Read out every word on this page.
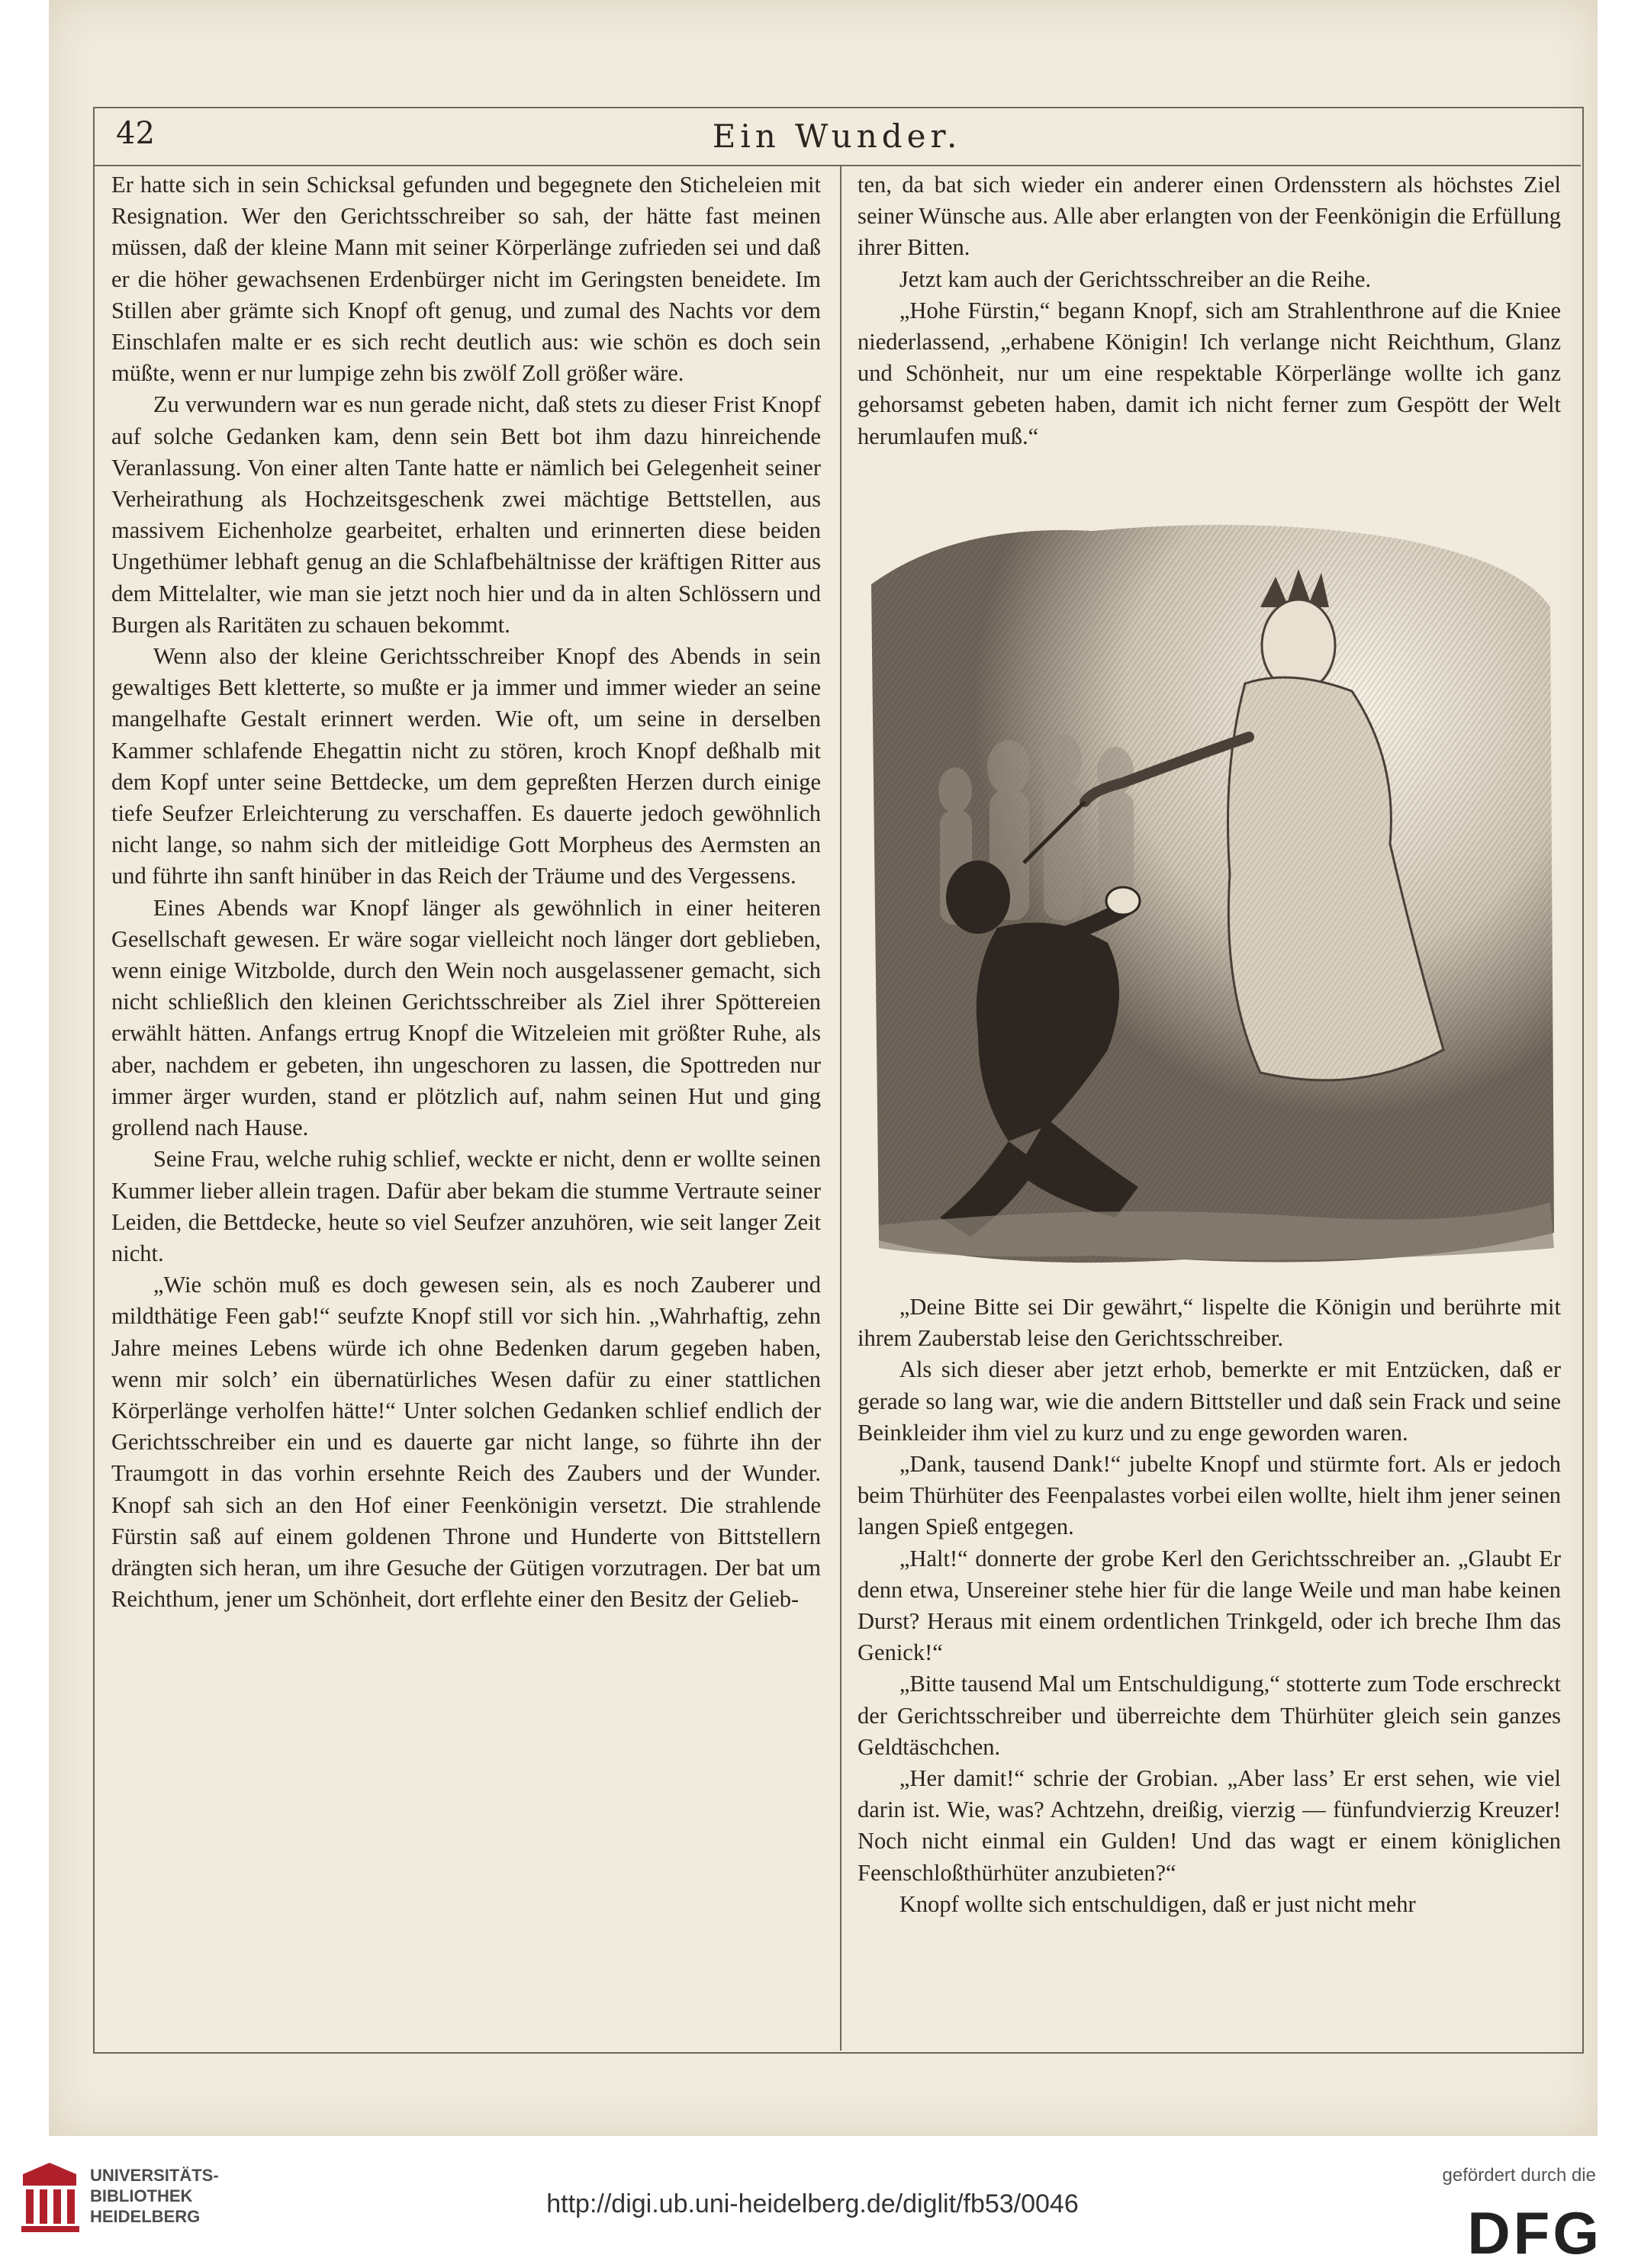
42	Ein Wunder.

Er hatte sich in sein Schicksal gefunden und begegnete den Sticheleien mit Resignation. Wer den Gerichtsschreiber so sah, der hätte fast meinen müssen, daß der kleine Mann mit seiner Körperlänge zufrieden sei und daß er die höher gewachsenen Erdenbürger nicht im Geringsten beneidete. Im Stillen aber grämte sich Knopf oft genug, und zumal des Nachts vor dem Einschlafen malte er es sich recht deutlich aus: wie schön es doch sein müßte, wenn er nur lumpige zehn bis zwölf Zoll größer wäre.

Zu verwundern war es nun gerade nicht, daß stets zu dieser Frist Knopf auf solche Gedanken kam, denn sein Bett bot ihm dazu hinreichende Veranlassung. Von einer alten Tante hatte er nämlich bei Gelegenheit seiner Verheirathung als Hochzeitsgeschenk zwei mächtige Bettstellen, aus massivem Eichenholze gearbeitet, erhalten und erinnerten diese beiden Ungethümer lebhaft genug an die Schlafbehältnisse der kräftigen Ritter aus dem Mittelalter, wie man sie jetzt noch hier und da in alten Schlössern und Burgen als Raritäten zu schauen bekommt.

Wenn also der kleine Gerichtsschreiber Knopf des Abends in sein gewaltiges Bett kletterte, so mußte er ja immer und immer wieder an seine mangelhafte Gestalt erinnert werden. Wie oft, um seine in derselben Kammer schlafende Ehegattin nicht zu stören, kroch Knopf deßhalb mit dem Kopf unter seine Bettdecke, um dem gepreßten Herzen durch einige tiefe Seufzer Erleichterung zu verschaffen. Es dauerte jedoch gewöhnlich nicht lange, so nahm sich der mitleidige Gott Morpheus des Aermsten an und führte ihn sanft hinüber in das Reich der Träume und des Vergessens.

Eines Abends war Knopf länger als gewöhnlich in einer heiteren Gesellschaft gewesen. Er wäre sogar vielleicht noch länger dort geblieben, wenn einige Witzbolde, durch den Wein noch ausgelassener gemacht, sich nicht schließlich den kleinen Gerichtsschreiber als Ziel ihrer Spöttereien erwählt hätten. Anfangs ertrug Knopf die Witzeleien mit größter Ruhe, als aber, nachdem er gebeten, ihn ungeschoren zu lassen, die Spottreden nur immer ärger wurden, stand er plötzlich auf, nahm seinen Hut und ging grollend nach Hause.

Seine Frau, welche ruhig schlief, weckte er nicht, denn er wollte seinen Kummer lieber allein tragen. Dafür aber bekam die stumme Vertraute seiner Leiden, die Bettdecke, heute so viel Seufzer anzuhören, wie seit langer Zeit nicht.

„Wie schön muß es doch gewesen sein, als es noch Zauberer und mildthätige Feen gab!“ seufzte Knopf still vor sich hin. „Wahrhaftig, zehn Jahre meines Lebens würde ich ohne Bedenken darum gegeben haben, wenn mir solch’ ein übernatürliches Wesen dafür zu einer stattlichen Körperlänge verholfen hätte!“ Unter solchen Gedanken schlief endlich der Gerichtsschreiber ein und es dauerte gar nicht lange, so führte ihn der Traumgott in das vorhin ersehnte Reich des Zaubers und der Wunder. Knopf sah sich an den Hof einer Feenkönigin versetzt. Die strahlende Fürstin saß auf einem goldenen Throne und Hunderte von Bittstellern drängten sich heran, um ihre Gesuche der Gütigen vorzutragen. Der bat um Reichthum, jener um Schönheit, dort erflehte einer den Besitz der Gelieb-

ten, da bat sich wieder ein anderer einen Ordensstern als höchstes Ziel seiner Wünsche aus. Alle aber erlangten von der Feenkönigin die Erfüllung ihrer Bitten.

Jetzt kam auch der Gerichtsschreiber an die Reihe.

„Hohe Fürstin,“ begann Knopf, sich am Strahlenthrone auf die Kniee niederlassend, „erhabene Königin! Ich verlange nicht Reichthum, Glanz und Schönheit, nur um eine respektable Körperlänge wollte ich ganz gehorsamst gebeten haben, damit ich nicht ferner zum Gespött der Welt herumlaufen muß.“

„Deine Bitte sei Dir gewährt,“ lispelte die Königin und berührte mit ihrem Zauberstab leise den Gerichtsschreiber.

Als sich dieser aber jetzt erhob, bemerkte er mit Entzücken, daß er gerade so lang war, wie die andern Bittsteller und daß sein Frack und seine Beinkleider ihm viel zu kurz und zu enge geworden waren.

„Dank, tausend Dank!“ jubelte Knopf und stürmte fort. Als er jedoch beim Thürhüter des Feenpalastes vorbei eilen wollte, hielt ihm jener seinen langen Spieß entgegen.

„Halt!“ donnerte der grobe Kerl den Gerichtsschreiber an. „Glaubt Er denn etwa, Unsereiner stehe hier für die lange Weile und man habe keinen Durst? Heraus mit einem ordentlichen Trinkgeld, oder ich breche Ihm das Genick!“

„Bitte tausend Mal um Entschuldigung,“ stotterte zum Tode erschreckt der Gerichtsschreiber und überreichte dem Thürhüter gleich sein ganzes Geldtäschchen.

„Her damit!“ schrie der Grobian. „Aber lass’ Er erst sehen, wie viel darin ist. Wie, was? Achtzehn, dreißig, vierzig — fünfundvierzig Kreuzer! Noch nicht einmal ein Gulden! Und das wagt er einem königlichen Feenschloßthürhüter anzubieten?“

Knopf wollte sich entschuldigen, daß er just nicht mehr

UNIVERSITÄTS-
BIBLIOTHEK
HEIDELBERG	http://digi.ub.uni-heidelberg.de/diglit/fb53/0046
gefördert durch die
DFG
